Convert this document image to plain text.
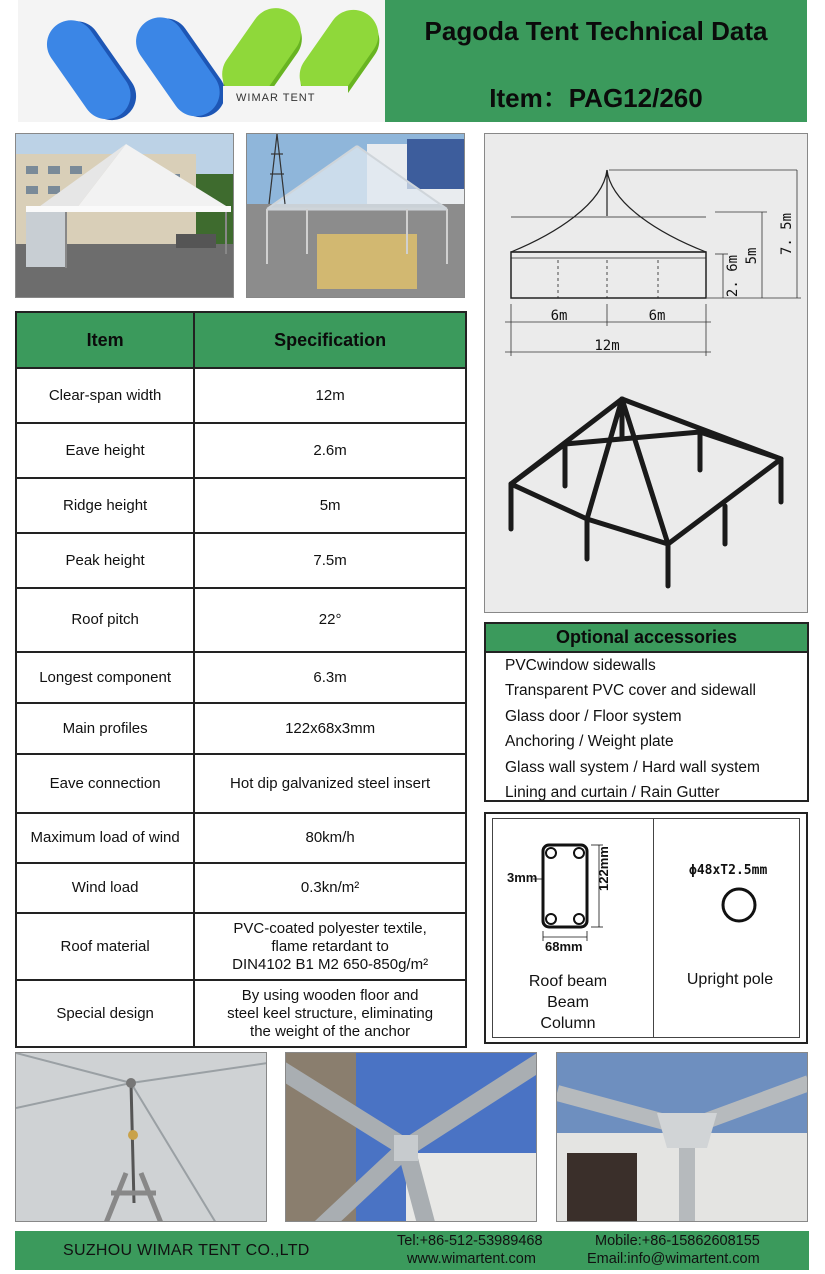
WIMAR TENT
Pagoda Tent Technical Data
Item：PAG12/260
Item	Specification
Clear-span width	12m
Eave height	2.6m
Ridge height	5m
Peak height	7.5m
Roof pitch	22°
Longest component	6.3m
Main profiles	122x68x3mm
Eave connection	Hot dip galvanized steel insert
Maximum load of wind	80km/h
Wind load	0.3kn/m²
Roof material	PVC-coated polyester textile,
flame retardant to
DIN4102 B1 M2 650-850g/m²

Special design	By using wooden floor and
steel keel structure, eliminating
the weight of the anchor
7. 5m
5m
2. 6m
6m	6m
12m
Optional accessories
PVCwindow sidewalls
Transparent PVC cover and sidewall
Glass door / Floor system
Anchoring / Weight plate
Glass wall system / Hard wall system
Lining and curtain / Rain Gutter
3mm	122mm
68mm
Roof beam
Beam
Column
ϕ48xT2.5mm
Upright pole
SUZHOU WIMAR TENT CO.,LTD
Tel:+86-512-53989468
www.wimartent.com
Mobile:+86-15862608155
Email:info@wimartent.com
